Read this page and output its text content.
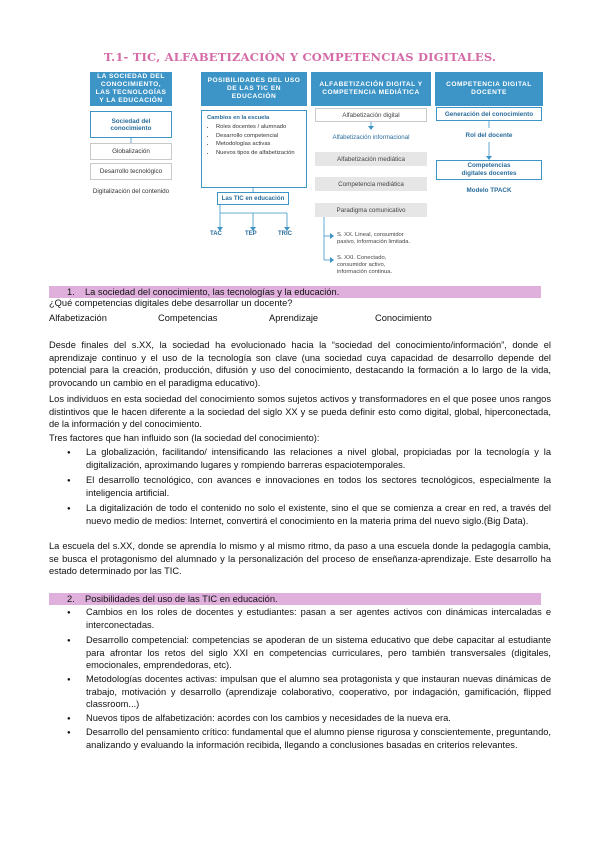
T.1- TIC, ALFABETIZACIÓN Y COMPETENCIAS DIGITALES.
LA SOCIEDAD DEL CONOCIMIENTO, LAS TECNOLOGÍAS Y LA EDUCACIÓN
POSIBILIDADES DEL USO DE LAS TIC EN EDUCACIÓN
ALFABETIZACIÓN DIGITAL Y COMPETENCIA MEDIÁTICA
COMPETENCIA DIGITAL DOCENTE
Sociedad del conocimiento
Globalización
Desarrollo tecnológico
Digitalización del contenido
Cambios en la escuela
• Roles docentes / alumnado
• Desarrollo competencial
• Metodologías activas
• Nuevos tipos de alfabetización
Las TIC en educación
TAC	TEP	TRIC
Alfabetización digital
Alfabetización informacional
Alfabetización mediática
Competencia mediática
Paradigma comunicativo
S. XX. Lineal, consumidor
pasivo, información limitada.
S. XXI. Conectado,
consumidor activo,
información continua.
Generación del conocimiento
Rol del docente
Competencias digitales docentes
Modelo TPACK
1. La sociedad del conocimiento, las tecnologías y la educación.
¿Qué competencias digitales debe desarrollar un docente?
Alfabetización	Competencias	Aprendizaje	Conocimiento
Desde finales del s.XX, la sociedad ha evolucionado hacia la “sociedad del conocimiento/información”, donde el aprendizaje continuo y el uso de la tecnología son clave (una sociedad cuya capacidad de desarrollo depende del potencial para la creación, producción, difusión y uso del conocimiento, destacando la formación a lo largo de la vida, provocando un cambio en el paradigma educativo).
Los individuos en esta sociedad del conocimiento somos sujetos activos y transformadores en el que posee unos rangos distintivos que le hacen diferente a la sociedad del siglo XX y se pueda definir esto como digital, global, hiperconectada, de la información y del conocimiento.
Tres factores que han influido son (la sociedad del conocimiento):
● La globalización, facilitando/ intensificando las relaciones a nivel global, propiciadas por la tecnología y la digitalización, aproximando lugares y rompiendo barreras espaciotemporales.
● El desarrollo tecnológico, con avances e innovaciones en todos los sectores tecnológicos, especialmente la inteligencia artificial.
● La digitalización de todo el contenido no solo el existente, sino el que se comienza a crear en red, a través del nuevo medio de medios: Internet, convertirá el conocimiento en la materia prima del nuevo siglo.(Big Data).
La escuela del s.XX, donde se aprendía lo mismo y al mismo ritmo, da paso a una escuela donde la pedagogía cambia, se busca el protagonismo del alumnado y la personalización del proceso de enseñanza-aprendizaje. Este desarrollo ha estado determinado por las TIC.
2. Posibilidades del uso de las TIC en educación.
● Cambios en los roles de docentes y estudiantes: pasan a ser agentes activos con dinámicas intercaladas e interconectadas.
● Desarrollo competencial: competencias se apoderan de un sistema educativo que debe capacitar al estudiante para afrontar los retos del siglo XXI en competencias curriculares, pero también transversales (digitales, emocionales, emprendedoras, etc).
● Metodologías docentes activas: impulsan que el alumno sea protagonista y que instauran nuevas dinámicas de trabajo, motivación y desarrollo (aprendizaje colaborativo, cooperativo, por indagación, gamificación, flipped classroom...)
● Nuevos tipos de alfabetización: acordes con los cambios y necesidades de la nueva era.
● Desarrollo del pensamiento crítico: fundamental que el alumno piense rigurosa y conscientemente, preguntando, analizando y evaluando la información recibida, llegando a conclusiones basadas en criterios relevantes.
